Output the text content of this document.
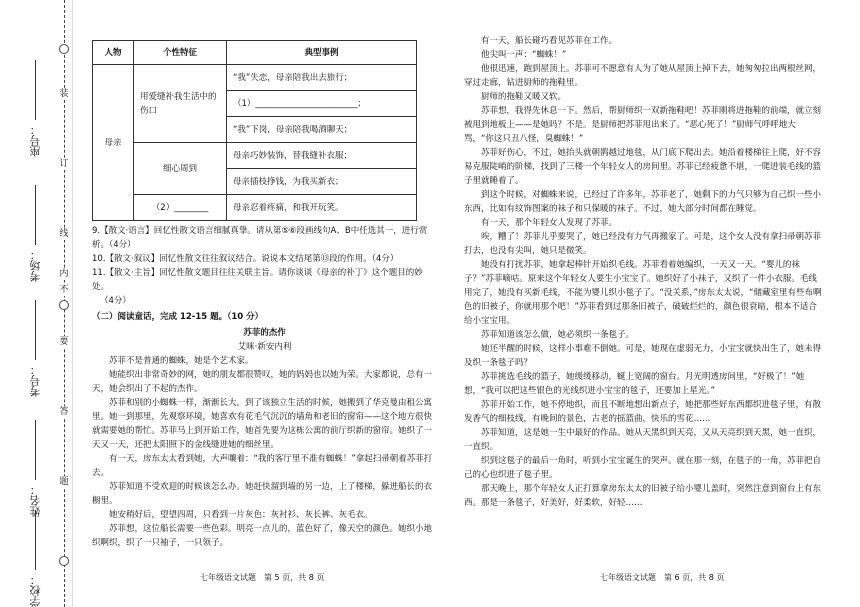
装
订
线
内
不
要
答
题
座号：
考场：
考号：
姓名：
学校：
人物	个性特征	典型事例
母亲	用爱缝补我生活中的伤口	“我”失恋，母亲陪我出去旅行；
		（1）________________________；
		“我”下岗，母亲陪我喝酒聊天；
	细心周到	母亲巧妙装饰，替我缝补衣服；
		母亲插枝挣钱，为我买新衣；
	（2）________	母亲忍着疼痛，和我开玩笑。

9.【散文·语言】回忆性散文语言细腻真挚。请从第⑤⑥段画线句A、B中任选其一，进行赏析。（4分）

10.【散文·叙议】回忆性散文往往叙议结合。说说本文结尾第⑬段的作用。（4分）

11.【散文·主旨】回忆性散文题目往往关联主旨。请你谈谈《母亲的补丁》这个题目的妙处。

（4分）

（二）阅读童话，完成 12-15 题。（10 分）

苏菲的杰作

艾咪·新安内利

苏菲不是普通的蜘蛛，她是个艺术家。

她能织出非常奇妙的网，她的朋友都很赞叹，她的妈妈也以她为荣。大家都说，总有一天，她会织出了不起的杰作。

苏菲和别的小蜘蛛一样，渐渐长大，到了该独立生活的时候，她搬到了华克曼由租公寓里。她一到那里，先观察环境，她喜欢有花毛气沉沉的墙角和老旧的窗帘——这个地方很快就需要她的帮忙。苏菲马上到开始工作，她首先要为这栋公寓的前厅织新的窗帘。她织了一天又一天，还把太阳照下的金线缝进她的细丝里。

有一天，房东太太看到她，大声嚷着：“我的客厅里不准有蜘蛛！”拿起扫帚朝着苏菲打去。

苏菲知道不受欢迎的时候该怎么办。她赶快溜到墙的另一边，上了楼梯，躲进船长的衣橱里。

她安稍好后，望望四周，只看到一片灰色：灰衬衫、灰长裤、灰毛衣。

苏菲想，这位船长需要一些色彩。明亮一点儿的，蓝色好了，像天空的颜色。她织小地织啊织，织了一只袖子，一只领子。

有一天，船长碰巧看见苏菲在工作。

他尖叫一声：“蜘蛛！”

他很迅速，跑到屋顶上。苏菲可不愿意有人为了她从屋顶上掉下去，她匆匆拉出两根丝网，穿过走廊，钻进厨师的拖鞋里。

厨师的拖鞋又暖又软。

苏菲想，我得先休息一下。然后，帮厨师织一双新拖鞋吧！苏菲刚将进拖鞋的前端，就立刻被甩到地板上——是她吗？不是。是厨师把苏菲甩出来了。“恶心死了！”厨师气呼呼地大骂，“你这只丑八怪，臭蜘蛛！”

苏菲好伤心，不过，她抬头就朝鹊越过地毯，从门底下爬出去。她沿着楼梯往上爬，好不容易克服陡峭的阶梯，找到了三楼一个年轻女人的房间里。苏菲已经疲惫不堪，一爬进装毛线的篮子里就睡着了。

到这个时候，对蜘蛛来说，已经过了许多年，苏菲老了，她剩下的力气只够为自己织一些小东西，比如有纹饰图案的袜子和只保暖的袜子。不过，她大部分时间都在睡觉。

有一天，那个年轻女人发现了苏菲。

唉，糟了！苏菲儿乎要哭了，她已经没有力气再搬家了。可是，这个女人没有拿扫帚朝苏菲打去，也没有尖叫，她只是微笑。

她没有打扰苏菲，她拿起棒针开始织毛线。苏菲看着她编织，一天又一天。“婴儿的袜子？”苏菲嘀咕。原来这个年轻女人要生小宝宝了。她织好了小袜子，又织了一件小衣服。毛线用完了，她没有买新毛线，不能为婴儿织小毯子了。“没关系，”房东太太说，“储藏室里有些布啊色的旧被子，你就用那个吧！”苏菲看到过那条旧被子，破破烂烂的，颜色很衰暗，根本不适合给小宝宝用。

苏菲知道该怎么做，她必须织一条毯子。

她还半醒的时候，这样小事难不倒她。可是，她现在虚弱无力，小宝宝就快出生了，她未得及织一条毯子吗？

苏菲挑选毛线的篮子，她缓缓移动，蜒上宽阔的窗台。月光明透房间里，“好极了！”她想，“我可以把这些银色的光线织进小宝宝的毯子，还要加上星光。”

苏菲开始工作，她不停地织，而且不断地想出新点子，她把那些好东西都织进毯子里，有散发香气的细枝线，有晚间的景色，古老的摇篮曲，快乐的雪花……

苏菲知道，这是她一生中最好的作品。她从天黑织到天亮，又从天亮织到天黑，她一直织，一直织。

织到这毯子的最后一角时，听到小宝宝诞生的哭声。就在那一刻，在毯子的一角，苏菲把自己的心也织进了毯子里。

那天晚上，那个年轻女人正打算拿房东太太的旧被子给小婴儿盖时，突然注意到窗台上有东西。那是一条毯子，好美好，好柔软，好轻……

七年级语文试题　第 5 页，共 8 页	七年级语文试题　第 6 页，共 8 页
